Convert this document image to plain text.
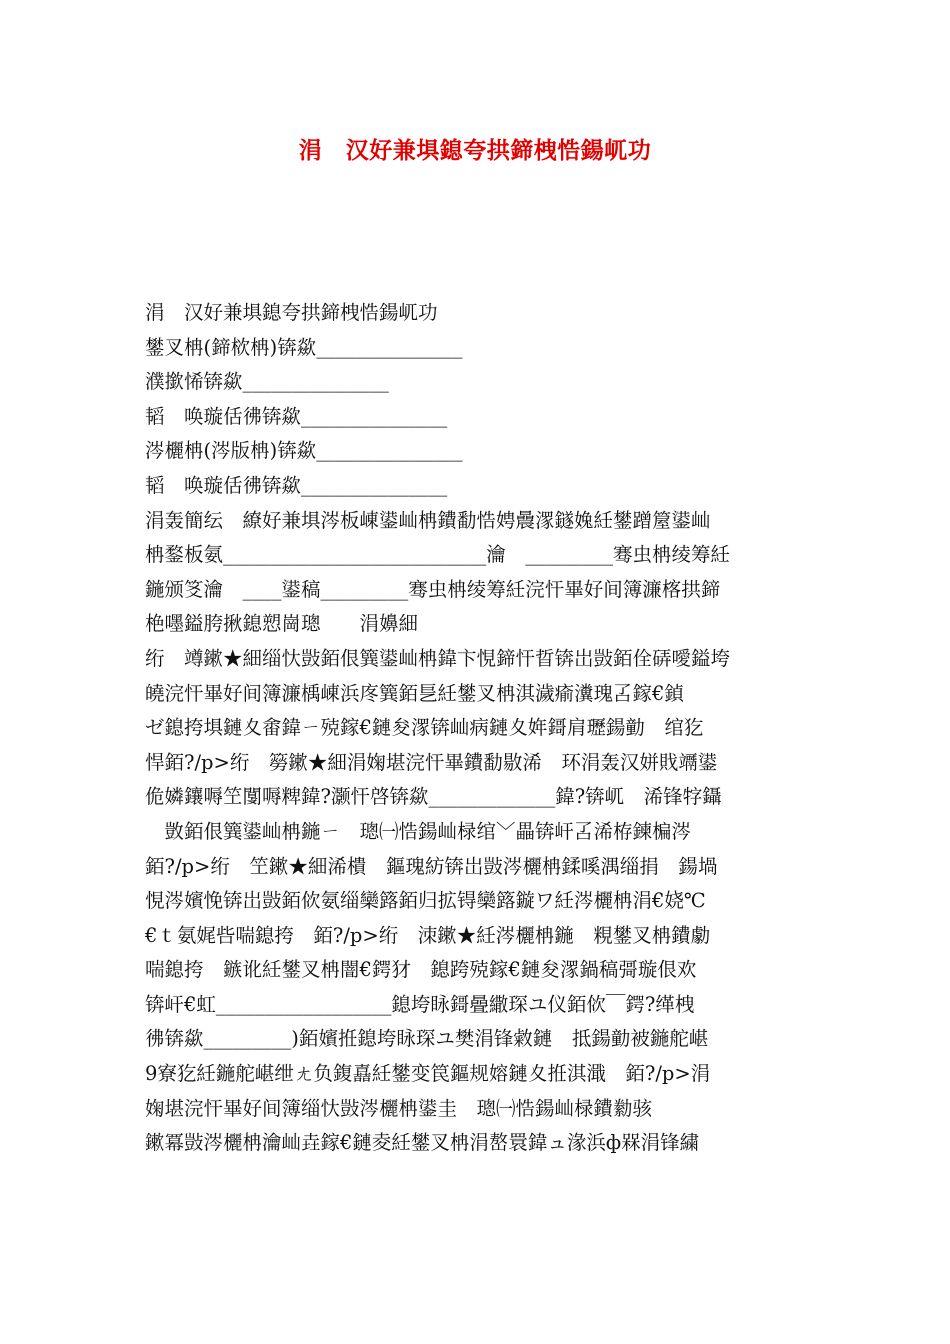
涓　汉好兼埧鎴夸拱鍗栧悎鍚屼功
涓　汉好兼埧鎴夸拱鍗栧悎鍚屼功
鐢叉柟(鍗栨柟)锛歘_______________
濮撳悕锛歘_______________
韬　唤璇佸彿锛歘_______________
涔欐柟(涔版柟)锛歘_______________
韬　唤璇佸彿锛歘_______________
涓轰簡纭　繚好兼埧涔板崠鍙屾柟鐨勫悎娉曟潈鐩婏紝鐢蹭箼鍙屾
柟鍪板氨___________________________瀹　_________骞虫柟绫筹紝
鍦颁笅瀹　____鍙稿_________骞虫柟绫筹紝浣忓畢好间簿濂楁拱鍗
栬嚜鎰胯揪鎴愬崗璁　　涓嬶細
绗　竴鏉★細缁忕敱銆佷簨鍙屾柟鍏卞悓鍗忓晢锛岀敱銆佺硦噯鎰垮
皢浣忓畢好间簿濂楀崠浜庝簨銆乬紝鐢叉柟淇濊瘉瀵瑰叾鎵€鍞
ゼ鎴挎埧鏈夊畬鍏ㄧ殑鎵€鏈夋潈锛屾病鏈夊姩鎶肩瓑鍚勭　绾犵
悍銆?/p>绗　簩鏉★細涓婅堪浣忓畢鐨勫敭浠　环涓轰汉姘戝竵鍙
佹嫾鑲嗕笁闅嗕粺鍏?灏忓啓锛歘_____________鍏?锛屼　浠锋牸鑷
　敳銆佷簨鍙屾柟鍦ㄧ　璁㈠悎鍚屾椂绾﹀畾锛屽叾浠栫鍊楄涔
銆?/p>绗　笁鏉★細浠樻　鏂瑰紡锛岀敱涔欐柟鍒嗘湡缁捐　鍚堝
悓涔嬪悗锛岀敱銆佽氨缁欒簬銆归拡锝欒簬鏇ワ紝涔欐柟涓€娆℃
€ｔ氨娓呰喘鎴挎　銆?/p>绗　洓鏉★紝涔欐柟鍦　粯鐢叉柟鐨勮
喘鎴挎　鏃讹紝鐢叉柟闇€鍔犲　鎴跨殑鎵€鏈夋潈鍋稿彁璇佷欢
锛屽€虹__________________鎴垮眿鎶曡繖琛ユ仪銆佽￣鍔?缂栧
彿锛歘_________)銆嬪拰鎴垮眿琛ユ樊涓锋敹鏈　抵鍚勭被鍦舵嵁
9寮犵紝鍦舵嵁绁ㄤ负鍑嚞紝鐢变笢鏂规嫆鏈夊拰淇濈　銆?/p>涓
婅堪浣忓畢好间簿缁忕敱涔欐柟鍙圭　璁㈠悎鍚屾椂鐨勬骇
鏉冪敱涔欐柟瀹屾垚鎵€鏈夌紝鐢叉柟涓嶅睘鍏ュ湪浜ф槑涓锋繍
